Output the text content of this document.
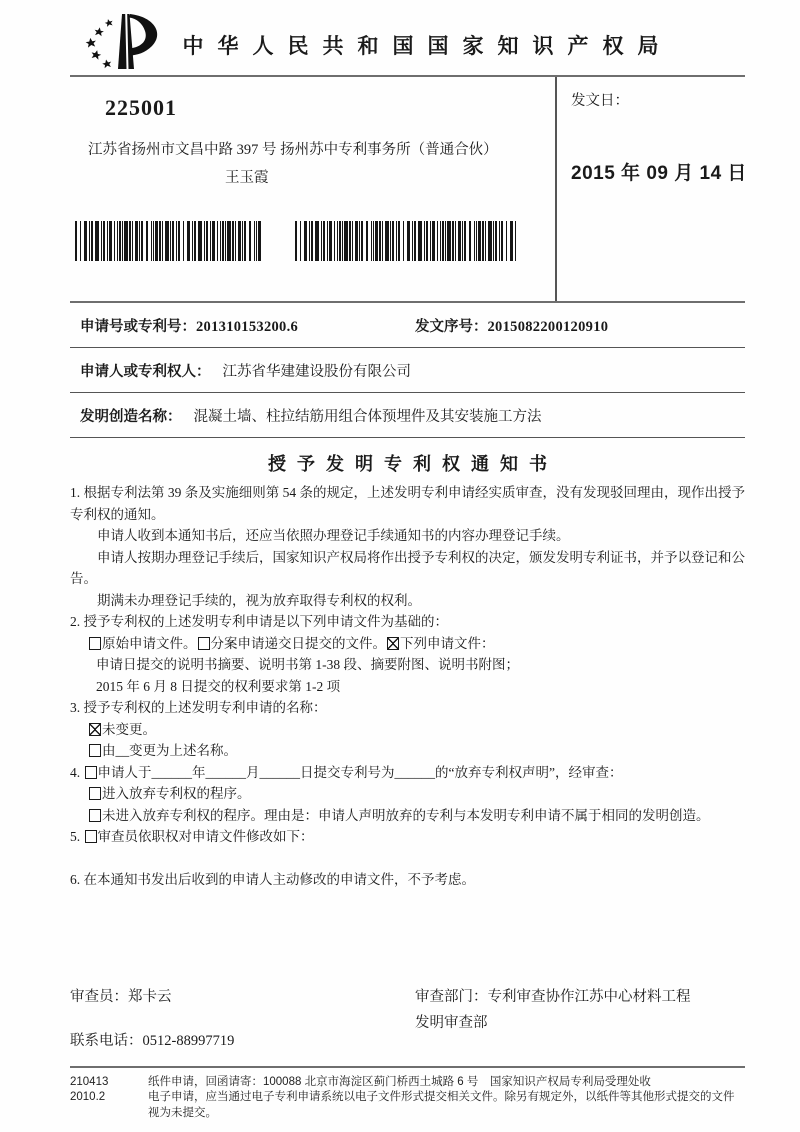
中华人民共和国国家知识产权局
225001
江苏省扬州市文昌中路 397 号 扬州苏中专利事务所（普通合伙）
王玉霞
发文日：
2015 年 09 月 14 日
申请号或专利号：201310153200.6	发文序号：2015082200120910
申请人或专利权人： 江苏省华建建设股份有限公司
发明创造名称： 混凝土墙、柱拉结筋用组合体预埋件及其安装施工方法
授予发明专利权通知书
1. 根据专利法第 39 条及实施细则第 54 条的规定，上述发明专利申请经实质审查，没有发现驳回理由，现作出授予专利权的通知。
申请人收到本通知书后，还应当依照办理登记手续通知书的内容办理登记手续。
申请人按期办理登记手续后，国家知识产权局将作出授予专利权的决定，颁发发明专利证书，并予以登记和公告。
期满未办理登记手续的，视为放弃取得专利权的权利。
2. 授予专利权的上述发明专利申请是以下列申请文件为基础的：
原始申请文件。 分案申请递交日提交的文件。 下列申请文件：
申请日提交的说明书摘要、说明书第 1-38 段、摘要附图、说明书附图；
2015 年 6 月 8 日提交的权利要求第 1-2 项
3. 授予专利权的上述发明专利申请的名称：
未变更。
由__变更为上述名称。
4. 申请人于______年______月______日提交专利号为______的“放弃专利权声明”，经审查：
进入放弃专利权的程序。
未进入放弃专利权的程序。理由是：申请人声明放弃的专利与本发明专利申请不属于相同的发明创造。
5. 审查员依职权对申请文件修改如下：
6. 在本通知书发出后收到的申请人主动修改的申请文件，不予考虑。
审查员：郑卡云
联系电话：0512-88997719
审查部门：专利审查协作江苏中心材料工程
发明审查部
210413
2010.2
纸件申请，回函请寄：100088 北京市海淀区蓟门桥西土城路 6 号　国家知识产权局专利局受理处收
电子申请，应当通过电子专利申请系统以电子文件形式提交相关文件。除另有规定外，以纸件等其他形式提交的文件视为未提交。
